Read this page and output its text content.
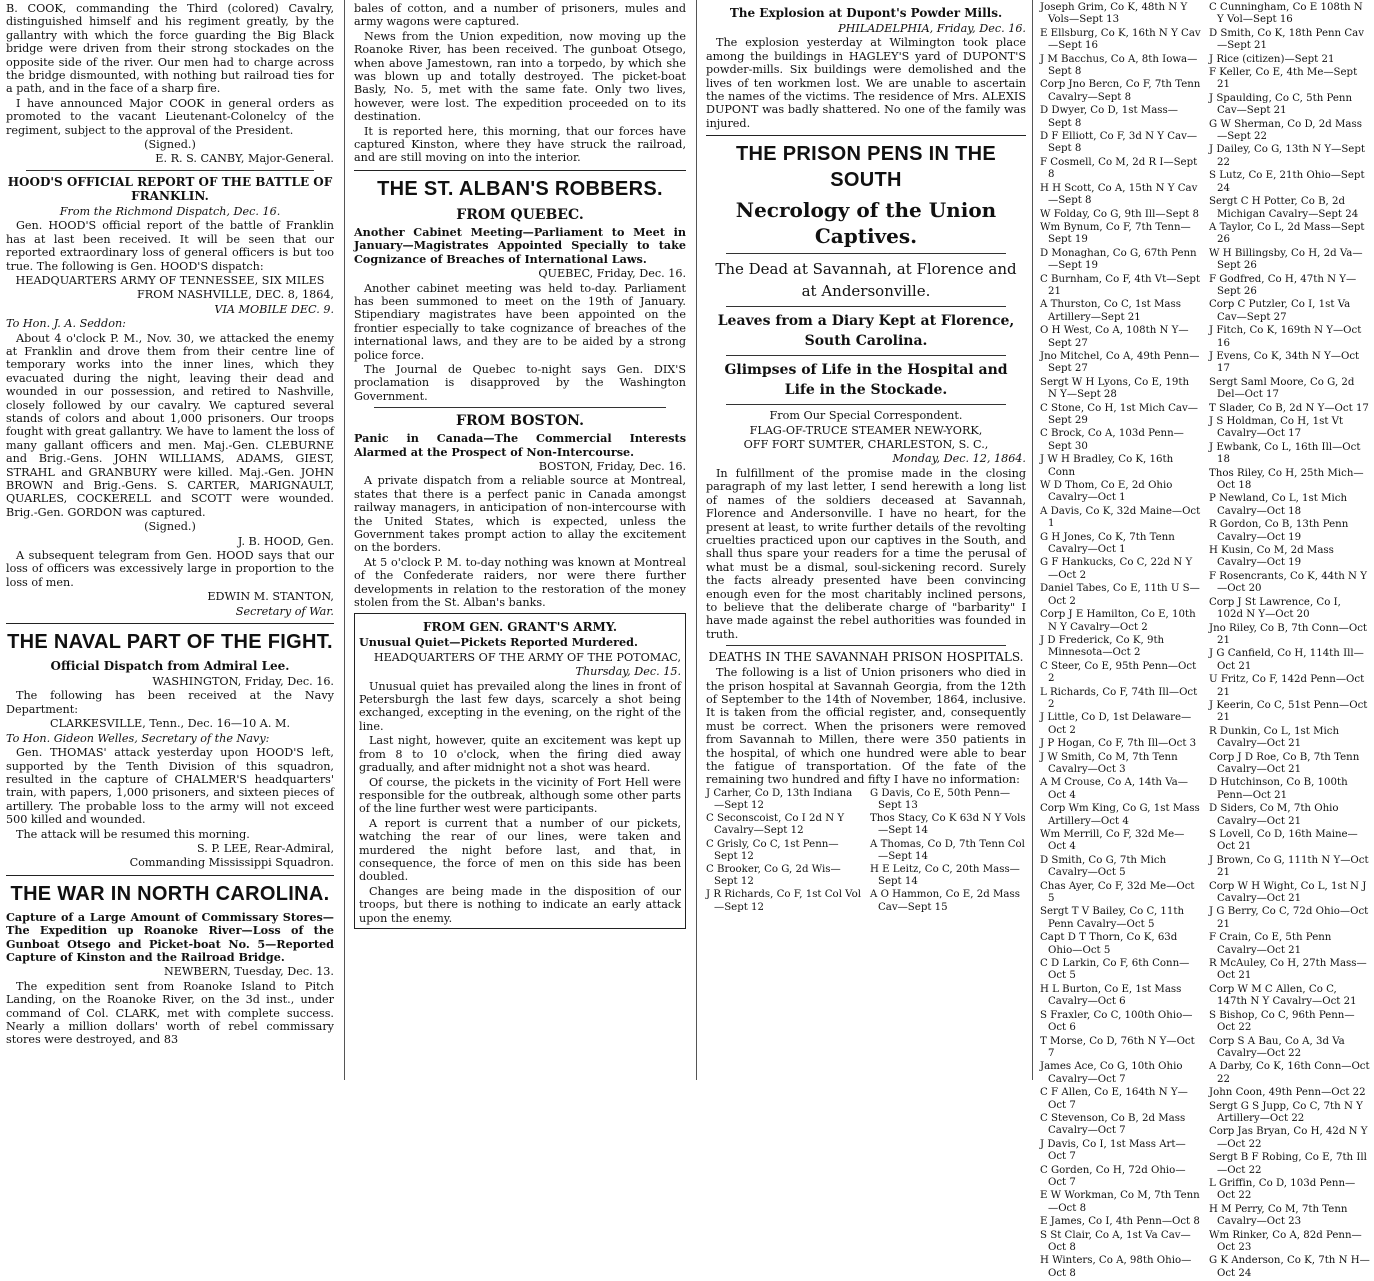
B. COOK, commanding the Third (colored) Cavalry, distinguished himself and his regiment greatly, by the gallantry with which the force guarding the Big Black bridge were driven from their strong stockades on the opposite side of the river. Our men had to charge across the bridge dismounted, with nothing but railroad ties for a path, and in the face of a sharp fire.

I have announced Major COOK in general orders as promoted to the vacant Lieutenant-Colonelcy of the regiment, subject to the approval of the President.

(Signed.)

E. R. S. CANBY, Major-General.

HOOD'S OFFICIAL REPORT OF THE BATTLE OF FRANKLIN.

From the Richmond Dispatch, Dec. 16.

Gen. HOOD'S official report of the battle of Franklin has at last been received. It will be seen that our reported extraordinary loss of general officers is but too true. The following is Gen. HOOD'S dispatch:

HEADQUARTERS ARMY OF TENNESSEE, SIX MILES

FROM NASHVILLE, DEC. 8, 1864,

VIA MOBILE DEC. 9.

To Hon. J. A. Seddon:

About 4 o'clock P. M., Nov. 30, we attacked the enemy at Franklin and drove them from their centre line of temporary works into the inner lines, which they evacuated during the night, leaving their dead and wounded in our possession, and retired to Nashville, closely followed by our cavalry. We captured several stands of colors and about 1,000 prisoners. Our troops fought with great gallantry. We have to lament the loss of many gallant officers and men. Maj.-Gen. CLEBURNE and Brig.-Gens. JOHN WILLIAMS, ADAMS, GIEST, STRAHL and GRANBURY were killed. Maj.-Gen. JOHN BROWN and Brig.-Gens. S. CARTER, MARIGNAULT, QUARLES, COCKERELL and SCOTT were wounded. Brig.-Gen. GORDON was captured.

(Signed.)

J. B. HOOD, Gen.

A subsequent telegram from Gen. HOOD says that our loss of officers was excessively large in proportion to the loss of men.

EDWIN M. STANTON,

Secretary of War.

THE NAVAL PART OF THE FIGHT.
Official Dispatch from Admiral Lee.

WASHINGTON, Friday, Dec. 16.

The following has been received at the Navy Department:

CLARKESVILLE, Tenn., Dec. 16—10 A. M.

To Hon. Gideon Welles, Secretary of the Navy:

Gen. THOMAS' attack yesterday upon HOOD'S left, supported by the Tenth Division of this squadron, resulted in the capture of CHALMER'S headquarters' train, with papers, 1,000 prisoners, and sixteen pieces of artillery. The probable loss to the army will not exceed 500 killed and wounded.

The attack will be resumed this morning.

S. P. LEE, Rear-Admiral,

Commanding Mississippi Squadron.

THE WAR IN NORTH CAROLINA.

Capture of a Large Amount of Commissary Stores—The Expedition up Roanoke River—Loss of the Gunboat Otsego and Picket-boat No. 5—Reported Capture of Kinston and the Railroad Bridge.

NEWBERN, Tuesday, Dec. 13.

The expedition sent from Roanoke Island to Pitch Landing, on the Roanoke River, on the 3d inst., under command of Col. CLARK, met with complete success. Nearly a million dollars' worth of rebel commissary stores were destroyed, and 83

bales of cotton, and a number of prisoners, mules and army wagons were captured.

News from the Union expedition, now moving up the Roanoke River, has been received. The gunboat Otsego, when above Jamestown, ran into a torpedo, by which she was blown up and totally destroyed. The picket-boat Basly, No. 5, met with the same fate. Only two lives, however, were lost. The expedition proceeded on to its destination.

It is reported here, this morning, that our forces have captured Kinston, where they have struck the railroad, and are still moving on into the interior.

THE ST. ALBAN'S ROBBERS.
FROM QUEBEC.

Another Cabinet Meeting—Parliament to Meet in January—Magistrates Appointed Specially to take Cognizance of Breaches of International Laws.

QUEBEC, Friday, Dec. 16.

Another cabinet meeting was held to-day. Parliament has been summoned to meet on the 19th of January. Stipendiary magistrates have been appointed on the frontier especially to take cognizance of breaches of the international laws, and they are to be aided by a strong police force.

The Journal de Quebec to-night says Gen. DIX'S proclamation is disapproved by the Washington Government.

FROM BOSTON.

Panic in Canada—The Commercial Interests Alarmed at the Prospect of Non-Intercourse.

BOSTON, Friday, Dec. 16.

A private dispatch from a reliable source at Montreal, states that there is a perfect panic in Canada amongst railway managers, in anticipation of non-intercourse with the United States, which is expected, unless the Government takes prompt action to allay the excitement on the borders.

At 5 o'clock P. M. to-day nothing was known at Montreal of the Confederate raiders, nor were there further developments in relation to the restoration of the money stolen from the St. Alban's banks.

FROM GEN. GRANT'S ARMY.

Unusual Quiet—Pickets Reported Murdered.

HEADQUARTERS OF THE ARMY OF THE POTOMAC,

Thursday, Dec. 15.

Unusual quiet has prevailed along the lines in front of Petersburgh the last few days, scarcely a shot being exchanged, excepting in the evening, on the right of the line.

Last night, however, quite an excitement was kept up from 8 to 10 o'clock, when the firing died away gradually, and after midnight not a shot was heard.

Of course, the pickets in the vicinity of Fort Hell were responsible for the outbreak, although some other parts of the line further west were participants.

A report is current that a number of our pickets, watching the rear of our lines, were taken and murdered the night before last, and that, in consequence, the force of men on this side has been doubled.

Changes are being made in the disposition of our troops, but there is nothing to indicate an early attack upon the enemy.

The Explosion at Dupont's Powder Mills.

PHILADELPHIA, Friday, Dec. 16.

The explosion yesterday at Wilmington took place among the buildings in HAGLEY'S yard of DUPONT'S powder-mills. Six buildings were demolished and the lives of ten workmen lost. We are unable to ascertain the names of the victims. The residence of Mrs. ALEXIS DUPONT was badly shattered. No one of the family was injured.

THE PRISON PENS IN THE SOUTH
Necrology of the Union Captives.
The Dead at Savannah, at Florence and at Andersonville.
Leaves from a Diary Kept at Florence, South Carolina.
Glimpses of Life in the Hospital and Life in the Stockade.

From Our Special Correspondent.

FLAG-OF-TRUCE STEAMER NEW-YORK,

OFF FORT SUMTER, CHARLESTON, S. C.,

Monday, Dec. 12, 1864.

In fulfillment of the promise made in the closing paragraph of my last letter, I send herewith a long list of names of the soldiers deceased at Savannah, Florence and Andersonville. I have no heart, for the present at least, to write further details of the revolting cruelties practiced upon our captives in the South, and shall thus spare your readers for a time the perusal of what must be a dismal, soul-sickening record. Surely the facts already presented have been convincing enough even for the most charitably inclined persons, to believe that the deliberate charge of "barbarity" I have made against the rebel authorities was founded in truth.

DEATHS IN THE SAVANNAH PRISON HOSPITALS.

The following is a list of Union prisoners who died in the prison hospital at Savannah Georgia, from the 12th of September to the 14th of November, 1864, inclusive. It is taken from the official register, and, consequently must be correct. When the prisoners were removed from Savannah to Millen, there were 350 patients in the hospital, of which one hundred were able to bear the fatigue of transportation. Of the fate of the remaining two hundred and fifty I have no information:

J Carher, Co D, 13th Indiana—Sept 12
C Seconscoist, Co I 2d N Y Cavalry—Sept 12
C Grisly, Co C, 1st Penn—Sept 12
C Brooker, Co G, 2d Wis—Sept 12
J R Richards, Co F, 1st Col Vol—Sept 12
G Davis, Co E, 50th Penn—Sept 13
Thos Stacy, Co K 63d N Y Vols—Sept 14
A Thomas, Co D, 7th Tenn Col—Sept 14
H E Leitz, Co C, 20th Mass—Sept 14
A O Hammon, Co E, 2d Mass Cav—Sept 15
Joseph Grim, Co K, 48th N Y Vols—Sept 13
E Ellsburg, Co K, 16th N Y Cav—Sept 16
J M Bacchus, Co A, 8th Iowa—Sept 8
Corp Jno Bercn, Co F, 7th Tenn Cavalry—Sept 8
D Dwyer, Co D, 1st Mass—Sept 8
D F Elliott, Co F, 3d N Y Cav—Sept 8
F Cosmell, Co M, 2d R I—Sept 8
H H Scott, Co A, 15th N Y Cav—Sept 8
W Folday, Co G, 9th Ill—Sept 8
Wm Bynum, Co F, 7th Tenn—Sept 19
D Monaghan, Co G, 67th Penn—Sept 19
C Burnham, Co F, 4th Vt—Sept 21
A Thurston, Co C, 1st Mass Artillery—Sept 21
O H West, Co A, 108th N Y—Sept 27
Jno Mitchel, Co A, 49th Penn—Sept 27
Sergt W H Lyons, Co E, 19th N Y—Sept 28
C Stone, Co H, 1st Mich Cav—Sept 29
C Brock, Co A, 103d Penn—Sept 30
J W H Bradley, Co K, 16th Conn
W D Thom, Co E, 2d Ohio Cavalry—Oct 1
A Davis, Co K, 32d Maine—Oct 1
G H Jones, Co K, 7th Tenn Cavalry—Oct 1
G F Hankucks, Co C, 22d N Y—Oct 2
Daniel Tabes, Co E, 11th U S—Oct 2
Corp J E Hamilton, Co E, 10th N Y Cavalry—Oct 2
J D Frederick, Co K, 9th Minnesota—Oct 2
C Steer, Co E, 95th Penn—Oct 2
L Richards, Co F, 74th Ill—Oct 2
J Little, Co D, 1st Delaware—Oct 2
J P Hogan, Co F, 7th Ill—Oct 3
J W Smith, Co M, 7th Tenn Cavalry—Oct 3
A M Crouse, Co A, 14th Va—Oct 4
Corp Wm King, Co G, 1st Mass Artillery—Oct 4
Wm Merrill, Co F, 32d Me—Oct 4
D Smith, Co G, 7th Mich Cavalry—Oct 5
Chas Ayer, Co F, 32d Me—Oct 5
Sergt T V Bailey, Co C, 11th Penn Cavalry—Oct 5
Capt D T Thorn, Co K, 63d Ohio—Oct 5
C D Larkin, Co F, 6th Conn—Oct 5
H L Burton, Co E, 1st Mass Cavalry—Oct 6
S Fraxler, Co C, 100th Ohio—Oct 6
T Morse, Co D, 76th N Y—Oct 7
James Ace, Co G, 10th Ohio Cavalry—Oct 7
C F Allen, Co E, 164th N Y—Oct 7
C Stevenson, Co B, 2d Mass Cavalry—Oct 7
J Davis, Co I, 1st Mass Art—Oct 7
C Gorden, Co H, 72d Ohio—Oct 7
E W Workman, Co M, 7th Tenn—Oct 8
E James, Co I, 4th Penn—Oct 8
S St Clair, Co A, 1st Va Cav—Oct 8
H Winters, Co A, 98th Ohio—Oct 8
C Cunningham, Co E 108th N Y Vol—Sept 16
D Smith, Co K, 18th Penn Cav—Sept 21
J Rice (citizen)—Sept 21
F Keller, Co E, 4th Me—Sept 21
J Spaulding, Co C, 5th Penn Cav—Sept 21
G W Sherman, Co D, 2d Mass—Sept 22
J Dailey, Co G, 13th N Y—Sept 22
S Lutz, Co E, 21th Ohio—Sept 24
Sergt C H Potter, Co B, 2d Michigan Cavalry—Sept 24
A Taylor, Co L, 2d Mass—Sept 26
W H Billingsby, Co H, 2d Va—Sept 26
F Godfred, Co H, 47th N Y—Sept 26
Corp C Putzler, Co I, 1st Va Cav—Sept 27
J Fitch, Co K, 169th N Y—Oct 16
J Evens, Co K, 34th N Y—Oct 17
Sergt Saml Moore, Co G, 2d Del—Oct 17
T Slader, Co B, 2d N Y—Oct 17
J S Holdman, Co H, 1st Vt Cavalry—Oct 17
J Ewbank, Co L, 16th Ill—Oct 18
Thos Riley, Co H, 25th Mich—Oct 18
P Newland, Co L, 1st Mich Cavalry—Oct 18
R Gordon, Co B, 13th Penn Cavalry—Oct 19
H Kusin, Co M, 2d Mass Cavalry—Oct 19
F Rosencrants, Co K, 44th N Y—Oct 20
Corp J St Lawrence, Co I, 102d N Y—Oct 20
Jno Riley, Co B, 7th Conn—Oct 21
J G Canfield, Co H, 114th Ill—Oct 21
U Fritz, Co F, 142d Penn—Oct 21
J Keerin, Co C, 51st Penn—Oct 21
R Dunkin, Co L, 1st Mich Cavalry—Oct 21
Corp J D Roe, Co B, 7th Tenn Cavalry—Oct 21
D Hutchinson, Co B, 100th Penn—Oct 21
D Siders, Co M, 7th Ohio Cavalry—Oct 21
S Lovell, Co D, 16th Maine—Oct 21
J Brown, Co G, 111th N Y—Oct 21
Corp W H Wight, Co L, 1st N J Cavalry—Oct 21
J G Berry, Co C, 72d Ohio—Oct 21
F Crain, Co E, 5th Penn Cavalry—Oct 21
R McAuley, Co H, 27th Mass—Oct 21
Corp W M C Allen, Co C, 147th N Y Cavalry—Oct 21
S Bishop, Co C, 96th Penn—Oct 22
Corp S A Bau, Co A, 3d Va Cavalry—Oct 22
A Darby, Co K, 16th Conn—Oct 22
John Coon, 49th Penn—Oct 22
Sergt G S Jupp, Co C, 7th N Y Artillery—Oct 22
Corp Jas Bryan, Co H, 42d N Y—Oct 22
Sergt B F Robing, Co E, 7th Ill—Oct 22
L Griffin, Co D, 103d Penn—Oct 22
H M Perry, Co M, 7th Tenn Cavalry—Oct 23
Wm Rinker, Co A, 82d Penn—Oct 23
G K Anderson, Co K, 7th N H—Oct 24
